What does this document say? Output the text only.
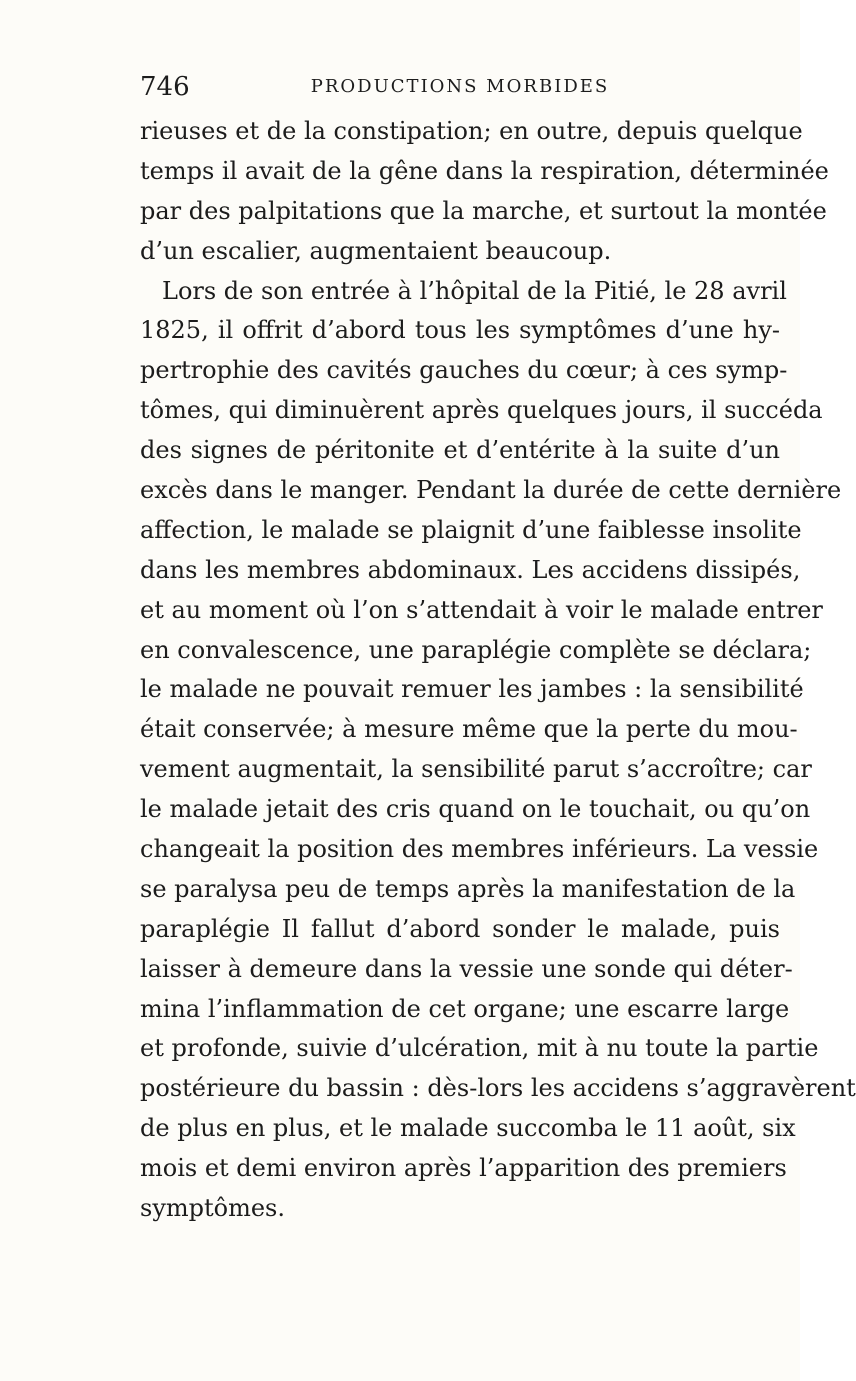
746	PRODUCTIONS MORBIDES
rieuses et de la constipation; en outre, depuis quelque
temps il avait de la gêne dans la respiration, déterminée
par des palpitations que la marche, et surtout la montée
d’un escalier, augmentaient beaucoup.
Lors de son entrée à l’hôpital de la Pitié, le 28 avril
1825, il offrit d’abord tous les symptômes d’une hy-
pertrophie des cavités gauches du cœur; à ces symp-
tômes, qui diminuèrent après quelques jours, il succéda
des signes de péritonite et d’entérite à la suite d’un
excès dans le manger. Pendant la durée de cette dernière
affection, le malade se plaignit d’une faiblesse insolite
dans les membres abdominaux. Les accidens dissipés,
et au moment où l’on s’attendait à voir le malade entrer
en convalescence, une paraplégie complète se déclara;
le malade ne pouvait remuer les jambes : la sensibilité
était conservée; à mesure même que la perte du mou-
vement augmentait, la sensibilité parut s’accroître; car
le malade jetait des cris quand on le touchait, ou qu’on
changeait la position des membres inférieurs. La vessie
se paralysa peu de temps après la manifestation de la
paraplégie Il fallut d’abord sonder le malade, puis
laisser à demeure dans la vessie une sonde qui déter-
mina l’inflammation de cet organe; une escarre large
et profonde, suivie d’ulcération, mit à nu toute la partie
postérieure du bassin : dès-lors les accidens s’aggravèrent
de plus en plus, et le malade succomba le 11 août, six
mois et demi environ après l’apparition des premiers
symptômes.
